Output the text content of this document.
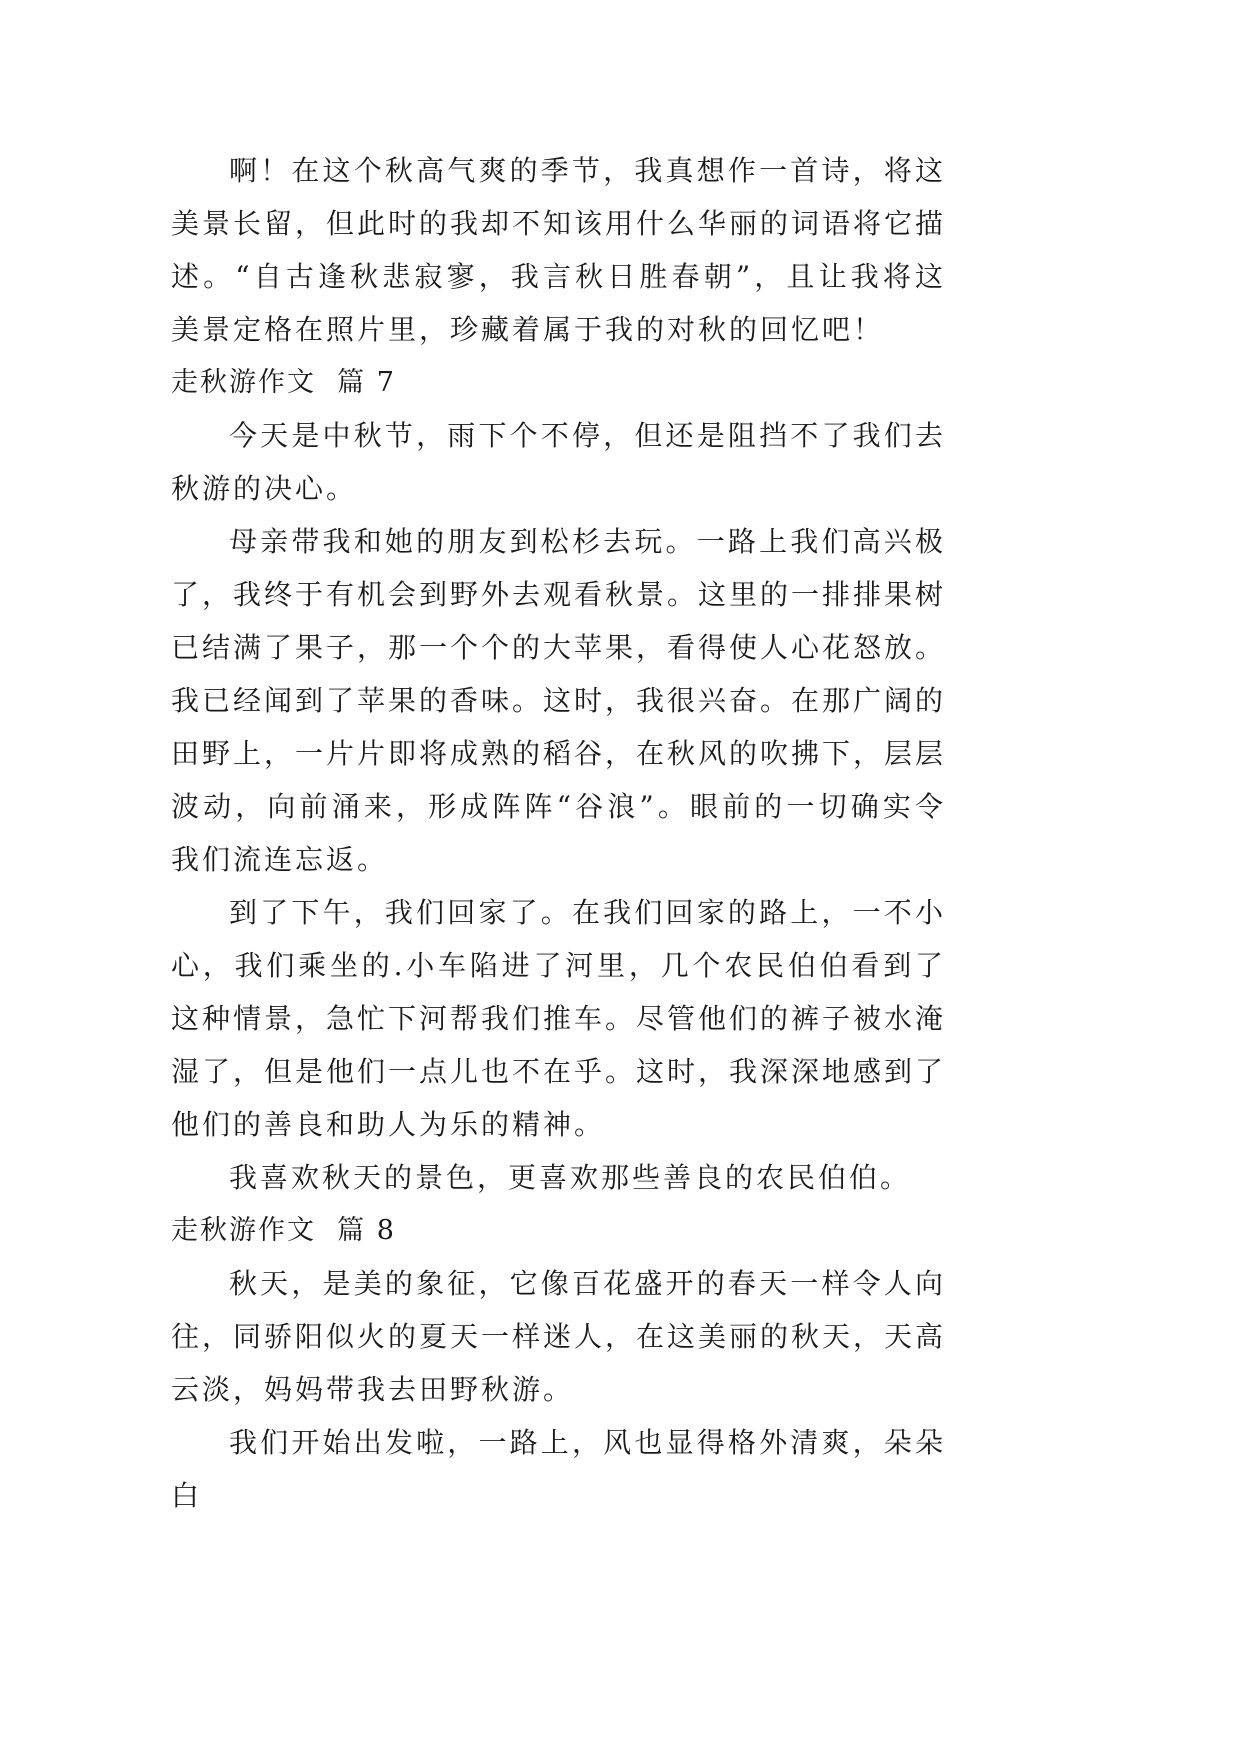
啊！在这个秋高气爽的季节，我真想作一首诗，将这美景长留，但此时的我却不知该用什么华丽的词语将它描述。“自古逢秋悲寂寥，我言秋日胜春朝”，且让我将这美景定格在照片里，珍藏着属于我的对秋的回忆吧！

走秋游作文  篇 7

今天是中秋节，雨下个不停，但还是阻挡不了我们去秋游的决心。

母亲带我和她的朋友到松杉去玩。一路上我们高兴极了，我终于有机会到野外去观看秋景。这里的一排排果树已结满了果子，那一个个的大苹果，看得使人心花怒放。我已经闻到了苹果的香味。这时，我很兴奋。在那广阔的田野上，一片片即将成熟的稻谷，在秋风的吹拂下，层层波动，向前涌来，形成阵阵“谷浪”。眼前的一切确实令我们流连忘返。

到了下午，我们回家了。在我们回家的路上，一不小心，我们乘坐的.小车陷进了河里，几个农民伯伯看到了这种情景，急忙下河帮我们推车。尽管他们的裤子被水淹湿了，但是他们一点儿也不在乎。这时，我深深地感到了他们的善良和助人为乐的精神。

我喜欢秋天的景色，更喜欢那些善良的农民伯伯。

走秋游作文  篇 8

秋天，是美的象征，它像百花盛开的春天一样令人向往，同骄阳似火的夏天一样迷人，在这美丽的秋天，天高云淡，妈妈带我去田野秋游。

我们开始出发啦，一路上，风也显得格外清爽，朵朵白
